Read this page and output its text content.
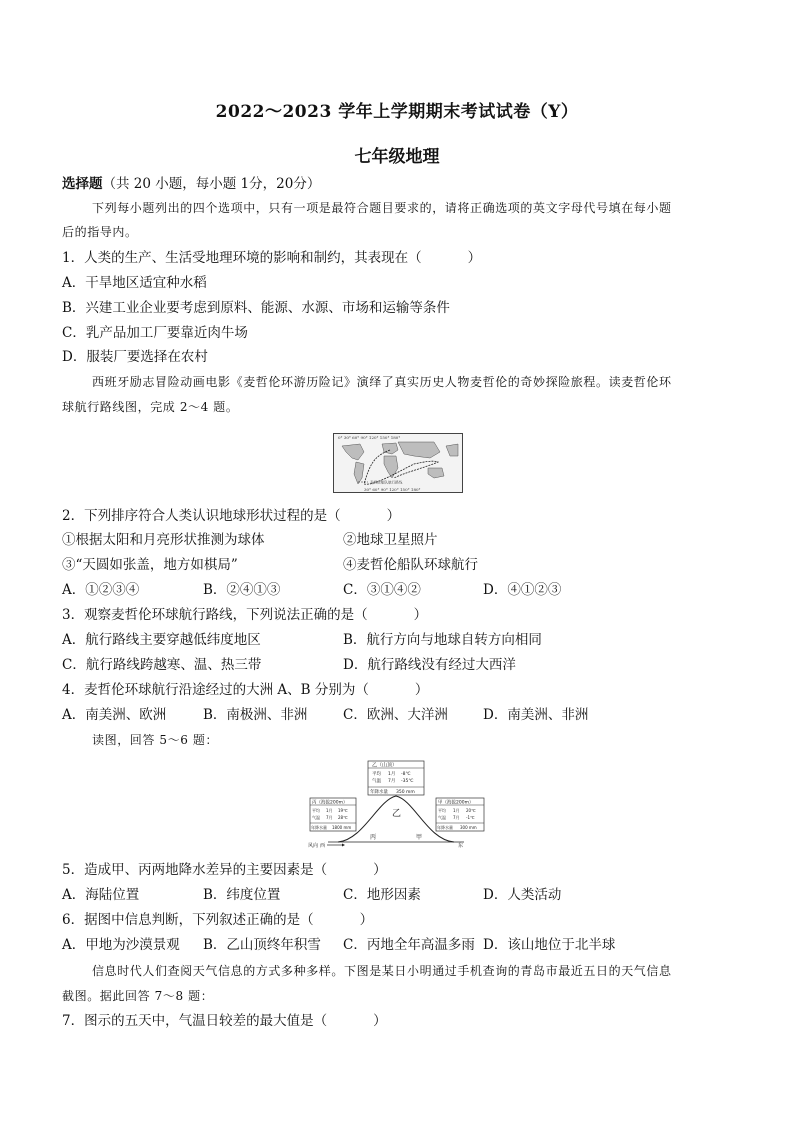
2022～2023 学年上学期期末考试试卷（Y）
七年级地理
选择题（共 20 小题，每小题 1分，20分）
下列每小题列出的四个选项中，只有一项是最符合题目要求的，请将正确选项的英文字母代号填在每小题
后的指导内。
1．人类的生产、生活受地理环境的影响和制约，其表现在（	）
A．干旱地区适宜种水稻
B．兴建工业企业要考虑到原料、能源、水源、市场和运输等条件
C．乳产品加工厂要靠近肉牛场
D．服装厂要选择在农村
西班牙励志冒险动画电影《麦哲伦环游历险记》演绎了真实历史人物麦哲伦的奇妙探险旅程。读麦哲伦环
球航行路线图，完成 2～4 题。
0° 30° 60° 90° 120° 150° 180°
30° 60° 90° 120° 150° 180°
麦哲伦船队航行路线
2．下列排序符合人类认识地球形状过程的是（	）
①根据太阳和月亮形状推测为球体	②地球卫星照片
③“天圆如张盖，地方如棋局”	④麦哲伦船队环球航行
A．①②③④	B．②④①③	C．③①④②	D．④①②③
3．观察麦哲伦环球航行路线，下列说法正确的是（	）
A．航行路线主要穿越低纬度地区	B．航行方向与地球自转方向相同
C．航行路线跨越寒、温、热三带	D．航行路线没有经过大西洋
4．麦哲伦环球航行沿途经过的大洲 A、B 分别为（	）
A．南美洲、欧洲	B．南极洲、非洲	C．欧洲、大洋洲	D．南美洲、非洲
读图，回答 5～6 题：
乙（山顶）
平均
气温
1月 -8℃
7月 -35℃
年降水量 350 mm
丙（海拔200m）
平均
气温
1月 19℃
7月 28℃
年降水量 1800 mm
甲（海拔200m）
平均
气温
1月 20℃
7月 -1℃
年降水量 300 mm
乙
丙	甲
风向 西	东
5．造成甲、丙两地降水差异的主要因素是（	）
A．海陆位置	B．纬度位置	C．地形因素	D．人类活动
6．据图中信息判断，下列叙述正确的是（	）
A．甲地为沙漠景观 B．乙山顶终年积雪 C．丙地全年高温多雨 D．该山地位于北半球
信息时代人们查阅天气信息的方式多种多样。下图是某日小明通过手机查询的青岛市最近五日的天气信息
截图。据此回答 7～8 题：
7．图示的五天中，气温日较差的最大值是（	）
